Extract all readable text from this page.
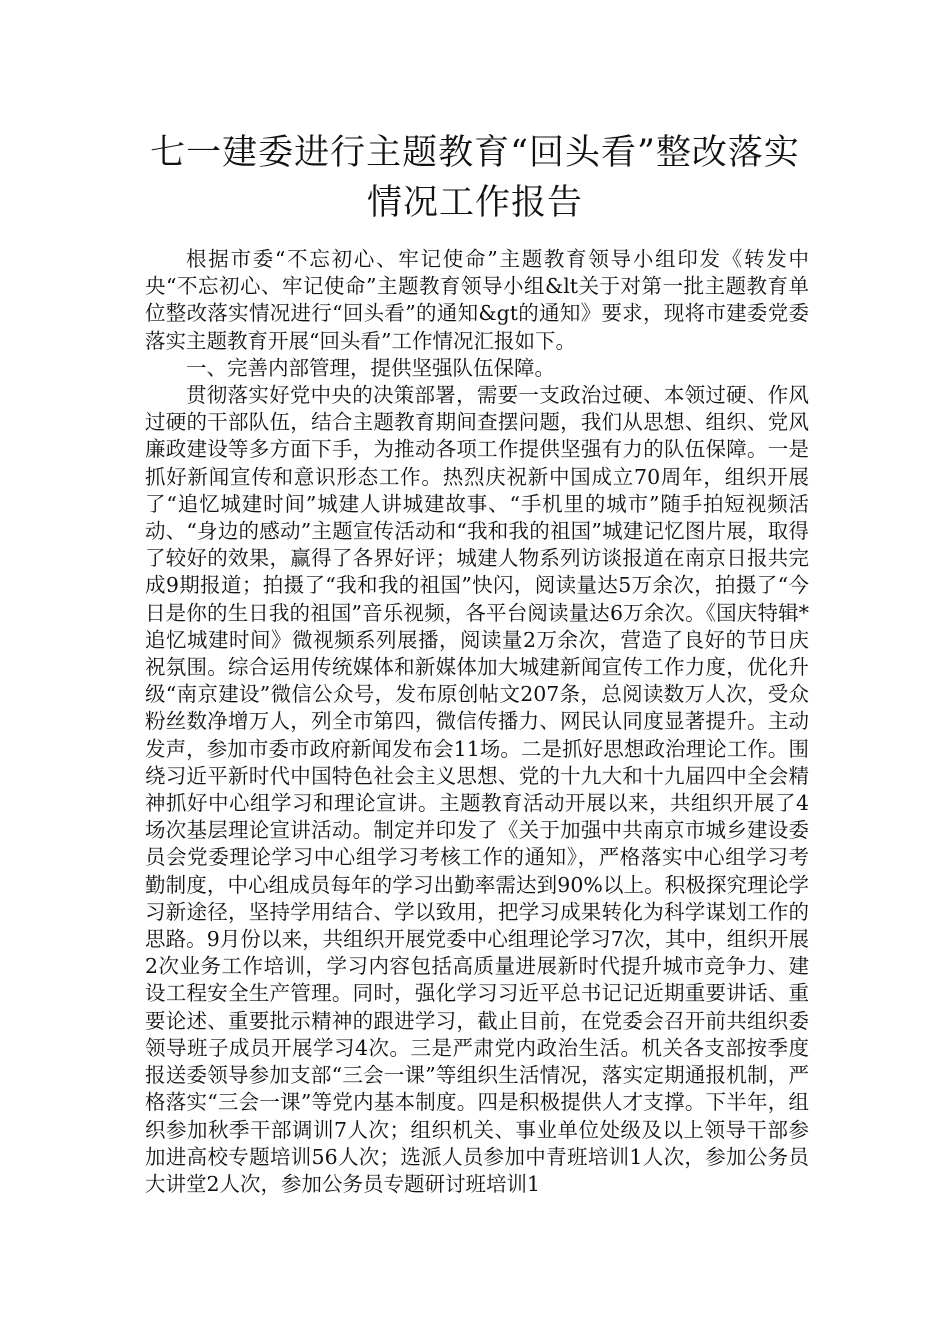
七一建委进行主题教育“回头看”整改落实情况工作报告

根据市委“不忘初心、牢记使命”主题教育领导小组印发《转发中央“不忘初心、牢记使命”主题教育领导小组&lt关于对第一批主题教育单位整改落实情况进行“回头看”的通知&gt的通知》要求，现将市建委党委落实主题教育开展“回头看”工作情况汇报如下。

一、完善内部管理，提供坚强队伍保障。

贯彻落实好党中央的决策部署，需要一支政治过硬、本领过硬、作风过硬的干部队伍，结合主题教育期间查摆问题，我们从思想、组织、党风廉政建设等多方面下手，为推动各项工作提供坚强有力的队伍保障。一是抓好新闻宣传和意识形态工作。热烈庆祝新中国成立70周年，组织开展了“追忆城建时间”城建人讲城建故事、“手机里的城市”随手拍短视频活动、“身边的感动”主题宣传活动和“我和我的祖国”城建记忆图片展，取得了较好的效果，赢得了各界好评；城建人物系列访谈报道在南京日报共完成9期报道；拍摄了“我和我的祖国”快闪，阅读量达5万余次，拍摄了“今日是你的生日我的祖国”音乐视频，各平台阅读量达6万余次。《国庆特辑*追忆城建时间》微视频系列展播，阅读量2万余次，营造了良好的节日庆祝氛围。综合运用传统媒体和新媒体加大城建新闻宣传工作力度，优化升级“南京建设”微信公众号，发布原创帖文207条，总阅读数万人次，受众粉丝数净增万人，列全市第四，微信传播力、网民认同度显著提升。主动发声，参加市委市政府新闻发布会11场。二是抓好思想政治理论工作。围绕习近平新时代中国特色社会主义思想、党的十九大和十九届四中全会精神抓好中心组学习和理论宣讲。主题教育活动开展以来，共组织开展了4场次基层理论宣讲活动。制定并印发了《关于加强中共南京市城乡建设委员会党委理论学习中心组学习考核工作的通知》，严格落实中心组学习考勤制度，中心组成员每年的学习出勤率需达到90%以上。积极探究理论学习新途径，坚持学用结合、学以致用，把学习成果转化为科学谋划工作的思路。9月份以来，共组织开展党委中心组理论学习7次，其中，组织开展2次业务工作培训，学习内容包括高质量进展新时代提升城市竞争力、建设工程安全生产管理。同时，强化学习习近平总书记记近期重要讲话、重要论述、重要批示精神的跟进学习，截止目前，在党委会召开前共组织委领导班子成员开展学习4次。三是严肃党内政治生活。机关各支部按季度报送委领导参加支部“三会一课”等组织生活情况，落实定期通报机制，严格落实“三会一课”等党内基本制度。四是积极提供人才支撑。下半年，组织参加秋季干部调训7人次；组织机关、事业单位处级及以上领导干部参加进高校专题培训56人次；选派人员参加中青班培训1人次，参加公务员大讲堂2人次，参加公务员专题研讨班培训1
